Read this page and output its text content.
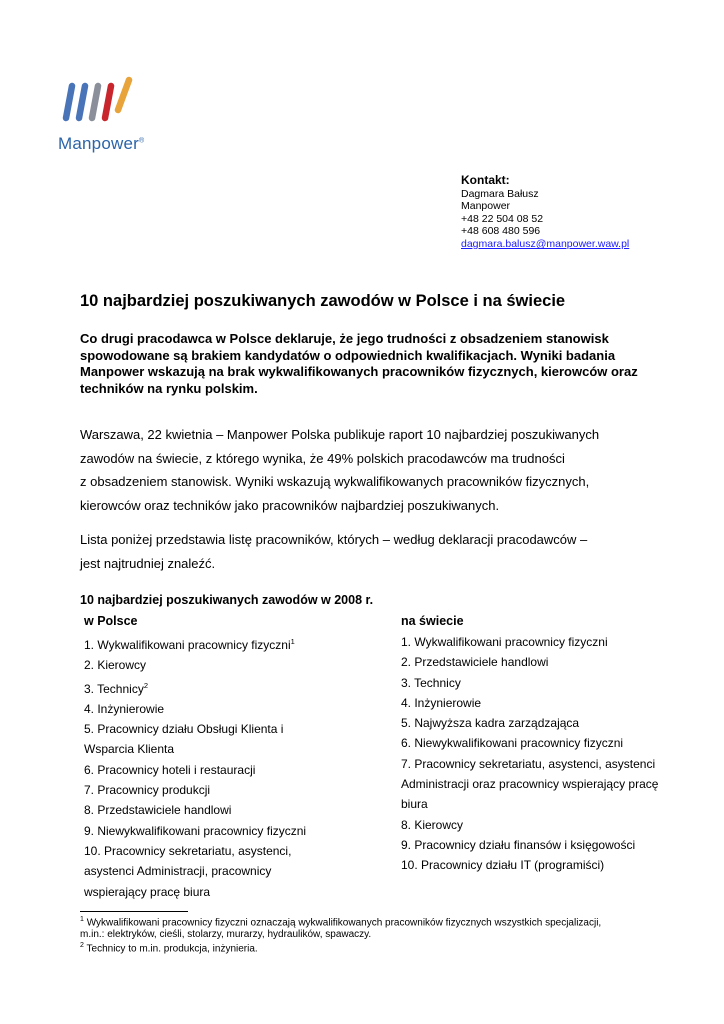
Manpower®
Kontakt:
Dagmara Bałusz
Manpower
+48 22 504 08 52
+48 608 480 596
dagmara.balusz@manpower.waw.pl
10 najbardziej poszukiwanych zawodów w Polsce i na świecie
Co drugi pracodawca w Polsce deklaruje, że jego trudności z obsadzeniem stanowisk spowodowane są brakiem kandydatów o odpowiednich kwalifikacjach. Wyniki badania Manpower wskazują na brak wykwalifikowanych pracowników fizycznych, kierowców oraz techników na rynku polskim.
Warszawa, 22 kwietnia – Manpower Polska publikuje raport 10 najbardziej poszukiwanych
zawodów na świecie, z którego wynika, że 49% polskich pracodawców ma trudności
z obsadzeniem stanowisk. Wyniki wskazują wykwalifikowanych pracowników fizycznych,
kierowców oraz techników jako pracowników najbardziej poszukiwanych.
Lista poniżej przedstawia listę pracowników, których – według deklaracji pracodawców –
jest najtrudniej znaleźć.
10 najbardziej poszukiwanych zawodów w 2008 r.
w Polsce	na świecie
1. Wykwalifikowani pracownicy fizyczni$^1$
2. Kierowcy
3. Technicy$^2$
4. Inżynierowie
5. Pracownicy działu Obsługi Klienta i
Wsparcia Klienta
6. Pracownicy hoteli i restauracji
7. Pracownicy produkcji
8. Przedstawiciele handlowi
9. Niewykwalifikowani pracownicy fizyczni
10. Pracownicy sekretariatu, asystenci,
asystenci Administracji, pracownicy
wspierający pracę biura
1. Wykwalifikowani pracownicy fizyczni
2. Przedstawiciele handlowi
3. Technicy
4. Inżynierowie
5. Najwyższa kadra zarządzająca
6. Niewykwalifikowani pracownicy fizyczni
7. Pracownicy sekretariatu, asystenci, asystenci
Administracji oraz pracownicy wspierający pracę
biura
8. Kierowcy
9. Pracownicy działu finansów i księgowości
10. Pracownicy działu IT (programiści)
$^1$ Wykwalifikowani pracownicy fizyczni oznaczają wykwalifikowanych pracowników fizycznych wszystkich specjalizacji,
m.in.: elektryków, cieśli, stolarzy, murarzy, hydraulików, spawaczy.
$^2$ Technicy to m.in. produkcja, inżynieria.
